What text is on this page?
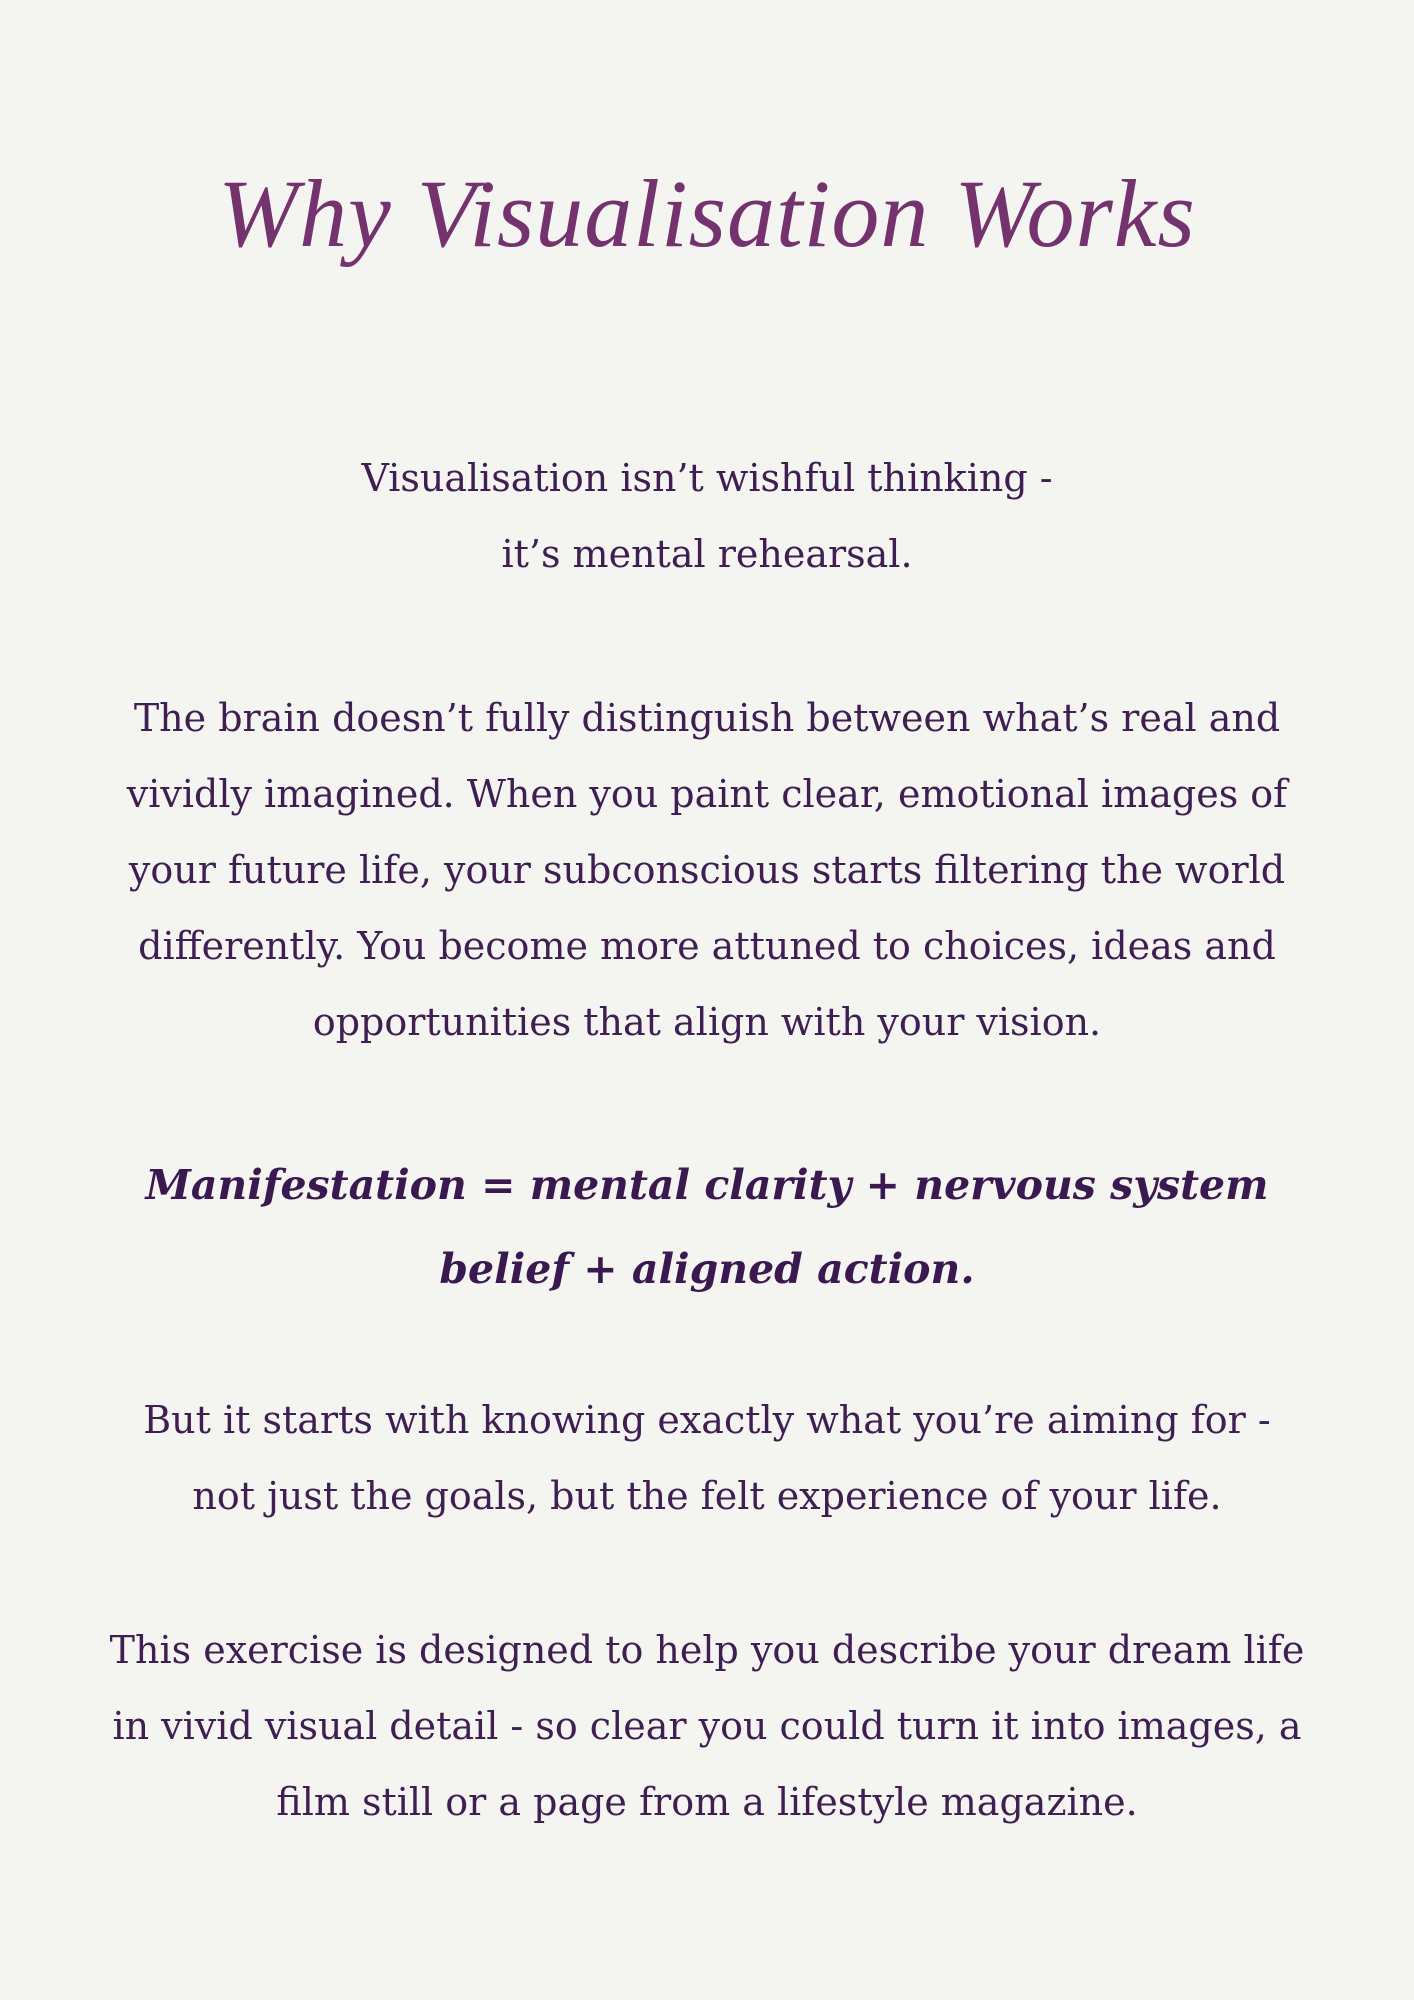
Why Visualisation Works

Visualisation isn’t wishful thinking -

it’s mental rehearsal.

The brain doesn’t fully distinguish between what’s real and vividly imagined. When you paint clear, emotional images of your future life, your subconscious starts filtering the world differently. You become more attuned to choices, ideas and opportunities that align with your vision.

Manifestation = mental clarity + nervous system belief + aligned action.

But it starts with knowing exactly what you’re aiming for - not just the goals, but the felt experience of your life.

This exercise is designed to help you describe your dream life in vivid visual detail - so clear you could turn it into images, a film still or a page from a lifestyle magazine.
